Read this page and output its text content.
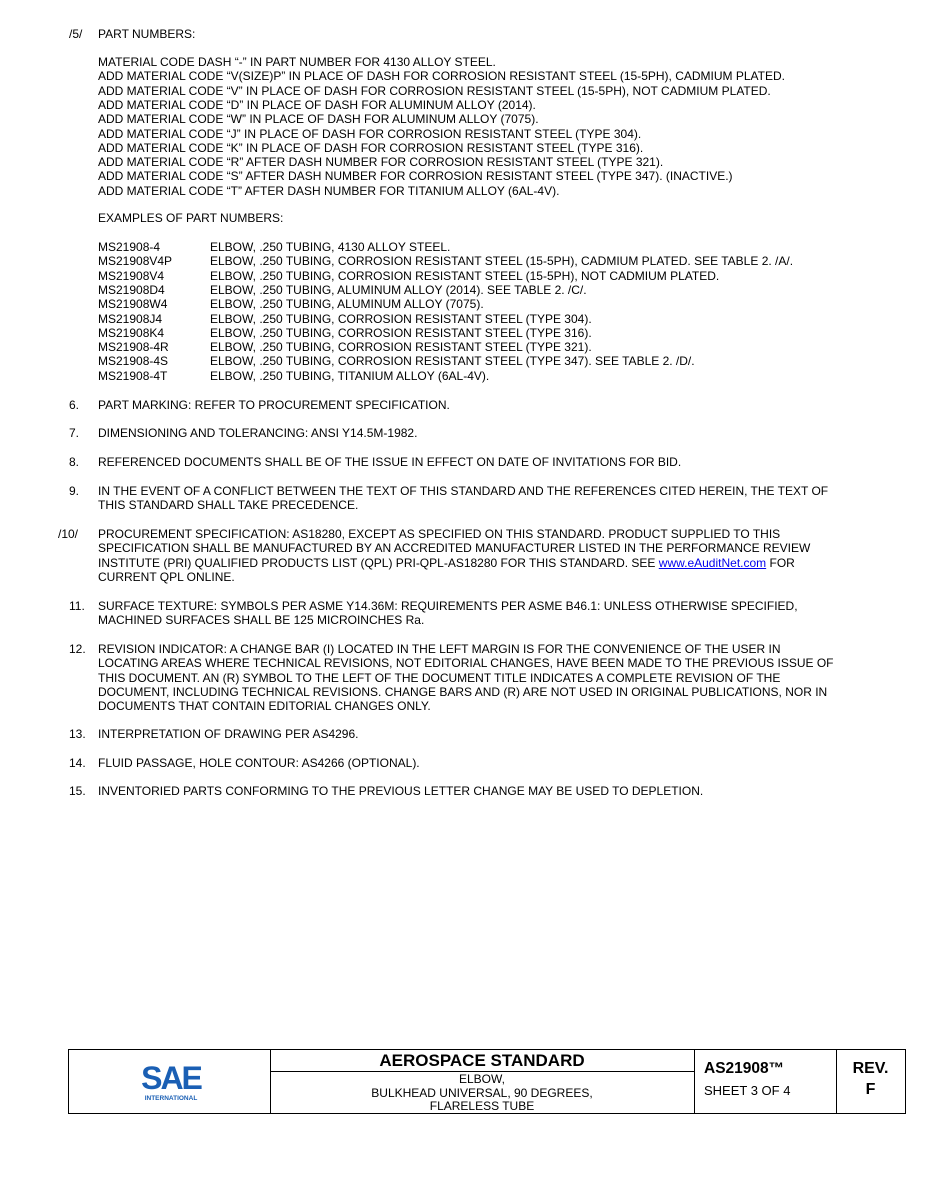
/5/ PART NUMBERS:
MATERIAL CODE DASH “-” IN PART NUMBER FOR 4130 ALLOY STEEL.
ADD MATERIAL CODE “V(SIZE)P” IN PLACE OF DASH FOR CORROSION RESISTANT STEEL (15-5PH), CADMIUM PLATED.
ADD MATERIAL CODE “V” IN PLACE OF DASH FOR CORROSION RESISTANT STEEL (15-5PH), NOT CADMIUM PLATED.
ADD MATERIAL CODE “D” IN PLACE OF DASH FOR ALUMINUM ALLOY (2014).
ADD MATERIAL CODE “W” IN PLACE OF DASH FOR ALUMINUM ALLOY (7075).
ADD MATERIAL CODE “J” IN PLACE OF DASH FOR CORROSION RESISTANT STEEL (TYPE 304).
ADD MATERIAL CODE “K” IN PLACE OF DASH FOR CORROSION RESISTANT STEEL (TYPE 316).
ADD MATERIAL CODE “R” AFTER DASH NUMBER FOR CORROSION RESISTANT STEEL (TYPE 321).
ADD MATERIAL CODE “S” AFTER DASH NUMBER FOR CORROSION RESISTANT STEEL (TYPE 347). (INACTIVE.)
ADD MATERIAL CODE “T” AFTER DASH NUMBER FOR TITANIUM ALLOY (6AL-4V).
EXAMPLES OF PART NUMBERS:
MS21908-4	ELBOW, .250 TUBING, 4130 ALLOY STEEL.
MS21908V4P	ELBOW, .250 TUBING, CORROSION RESISTANT STEEL (15-5PH), CADMIUM PLATED. SEE TABLE 2. /A/.
MS21908V4	ELBOW, .250 TUBING, CORROSION RESISTANT STEEL (15-5PH), NOT CADMIUM PLATED.
MS21908D4	ELBOW, .250 TUBING, ALUMINUM ALLOY (2014). SEE TABLE 2. /C/.
MS21908W4	ELBOW, .250 TUBING, ALUMINUM ALLOY (7075).
MS21908J4	ELBOW, .250 TUBING, CORROSION RESISTANT STEEL (TYPE 304).
MS21908K4	ELBOW, .250 TUBING, CORROSION RESISTANT STEEL (TYPE 316).
MS21908-4R	ELBOW, .250 TUBING, CORROSION RESISTANT STEEL (TYPE 321).
MS21908-4S	ELBOW, .250 TUBING, CORROSION RESISTANT STEEL (TYPE 347). SEE TABLE 2. /D/.
MS21908-4T	ELBOW, .250 TUBING, TITANIUM ALLOY (6AL-4V).
6. PART MARKING: REFER TO PROCUREMENT SPECIFICATION.
7. DIMENSIONING AND TOLERANCING: ANSI Y14.5M-1982.
8. REFERENCED DOCUMENTS SHALL BE OF THE ISSUE IN EFFECT ON DATE OF INVITATIONS FOR BID.
9. IN THE EVENT OF A CONFLICT BETWEEN THE TEXT OF THIS STANDARD AND THE REFERENCES CITED HEREIN, THE TEXT OF
THIS STANDARD SHALL TAKE PRECEDENCE.
/10/ PROCUREMENT SPECIFICATION: AS18280, EXCEPT AS SPECIFIED ON THIS STANDARD. PRODUCT SUPPLIED TO THIS
SPECIFICATION SHALL BE MANUFACTURED BY AN ACCREDITED MANUFACTURER LISTED IN THE PERFORMANCE REVIEW
INSTITUTE (PRI) QUALIFIED PRODUCTS LIST (QPL) PRI-QPL-AS18280 FOR THIS STANDARD. SEE www.eAuditNet.com FOR
CURRENT QPL ONLINE.
11. SURFACE TEXTURE: SYMBOLS PER ASME Y14.36M: REQUIREMENTS PER ASME B46.1: UNLESS OTHERWISE SPECIFIED,
MACHINED SURFACES SHALL BE 125 MICROINCHES Ra.
12. REVISION INDICATOR: A CHANGE BAR (I) LOCATED IN THE LEFT MARGIN IS FOR THE CONVENIENCE OF THE USER IN
LOCATING AREAS WHERE TECHNICAL REVISIONS, NOT EDITORIAL CHANGES, HAVE BEEN MADE TO THE PREVIOUS ISSUE OF
THIS DOCUMENT. AN (R) SYMBOL TO THE LEFT OF THE DOCUMENT TITLE INDICATES A COMPLETE REVISION OF THE
DOCUMENT, INCLUDING TECHNICAL REVISIONS. CHANGE BARS AND (R) ARE NOT USED IN ORIGINAL PUBLICATIONS, NOR IN
DOCUMENTS THAT CONTAIN EDITORIAL CHANGES ONLY.
13. INTERPRETATION OF DRAWING PER AS4296.
14. FLUID PASSAGE, HOLE CONTOUR: AS4266 (OPTIONAL).
15. INVENTORIED PARTS CONFORMING TO THE PREVIOUS LETTER CHANGE MAY BE USED TO DEPLETION.
SAE
INTERNATIONAL
AEROSPACE STANDARD
ELBOW,
BULKHEAD UNIVERSAL, 90 DEGREES,
FLARELESS TUBE
AS21908™
SHEET 3 OF 4
REV.
F
